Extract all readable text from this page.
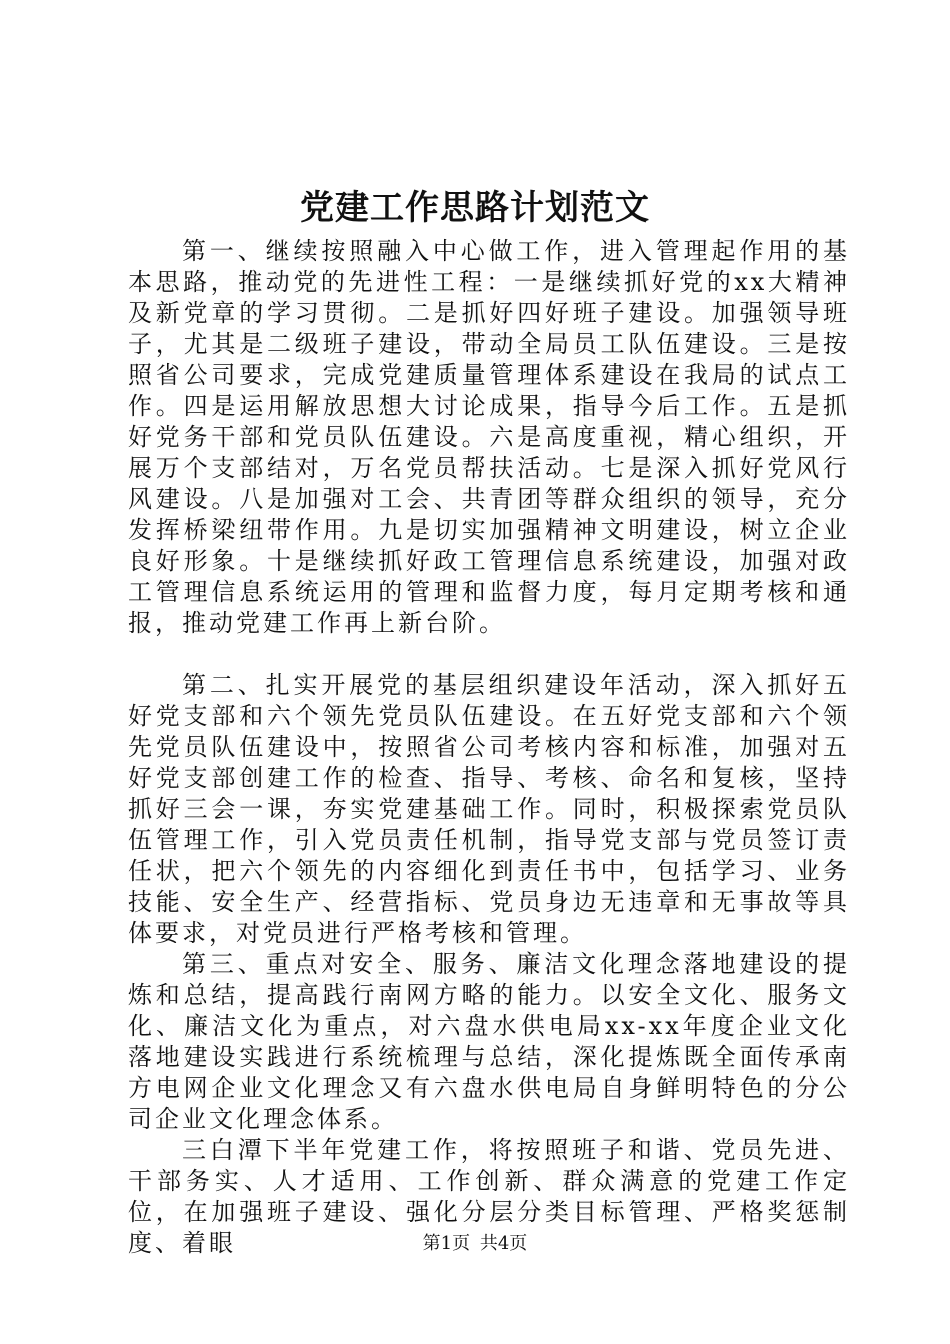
党建工作思路计划范文

第一、继续按照融入中心做工作，进入管理起作用的基本思路，推动党的先进性工程：一是继续抓好党的xx大精神及新党章的学习贯彻。二是抓好四好班子建设。加强领导班子，尤其是二级班子建设，带动全局员工队伍建设。三是按照省公司要求，完成党建质量管理体系建设在我局的试点工作。四是运用解放思想大讨论成果，指导今后工作。五是抓好党务干部和党员队伍建设。六是高度重视，精心组织，开展万个支部结对，万名党员帮扶活动。七是深入抓好党风行风建设。八是加强对工会、共青团等群众组织的领导，充分发挥桥梁纽带作用。九是切实加强精神文明建设，树立企业良好形象。十是继续抓好政工管理信息系统建设，加强对政工管理信息系统运用的管理和监督力度，每月定期考核和通报，推动党建工作再上新台阶。

第二、扎实开展党的基层组织建设年活动，深入抓好五好党支部和六个领先党员队伍建设。在五好党支部和六个领先党员队伍建设中，按照省公司考核内容和标准，加强对五好党支部创建工作的检查、指导、考核、命名和复核，坚持抓好三会一课，夯实党建基础工作。同时，积极探索党员队伍管理工作，引入党员责任机制，指导党支部与党员签订责任状，把六个领先的内容细化到责任书中，包括学习、业务技能、安全生产、经营指标、党员身边无违章和无事故等具体要求，对党员进行严格考核和管理。

第三、重点对安全、服务、廉洁文化理念落地建设的提炼和总结，提高践行南网方略的能力。以安全文化、服务文化、廉洁文化为重点，对六盘水供电局xx-xx年度企业文化落地建设实践进行系统梳理与总结，深化提炼既全面传承南方电网企业文化理念又有六盘水供电局自身鲜明特色的分公司企业文化理念体系。

三白潭下半年党建工作，将按照班子和谐、党员先进、干部务实、人才适用、工作创新、群众满意的党建工作定位，在加强班子建设、强化分层分类目标管理、严格奖惩制度、着眼	第1页 共4页
